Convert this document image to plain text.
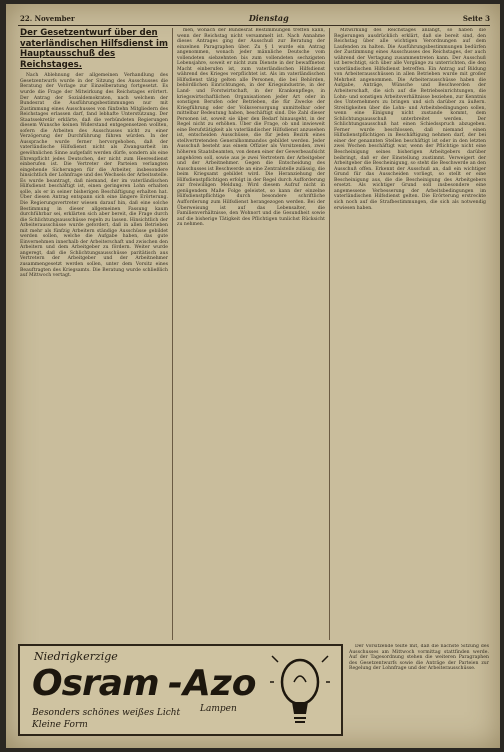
22. November	Dienstag	Seite 3
Der Gesetzentwurf über den vaterländischen Hilfsdienst im Hauptausschuß des Reichstages.

Nach Ablehnung der allgemeinen Verhandlung des Gesetzentwurfs wurde in der Sitzung des Ausschusses die Beratung der Vorlage zur Einzelberatung fortgesetzt. Es wurde die Frage der Mitwirkung des Reichstages erörtert. Der Antrag der Sozialdemokraten, nach welchem der Bundesrat die Ausführungsbestimmungen nur mit Zustimmung eines Ausschusses von fünfzehn Mitgliedern des Reichstages erlassen darf, fand lebhafte Unterstützung. Der Staatssekretär erklärte, daß die verbündeten Regierungen diesem Wunsche keinen Widerstand entgegensetzen wollten, sofern die Arbeiten des Ausschusses nicht zu einer Verzögerung der Durchführung führen würden. In der Aussprache wurde ferner hervorgehoben, daß der vaterländische Hilfsdienst nicht als Zwangsarbeit im gewöhnlichen Sinne aufgefaßt werden dürfe, sondern als eine Ehrenpflicht jedes Deutschen, der nicht zum Heeresdienst einberufen ist. Die Vertreter der Parteien verlangten eingehende Sicherungen für die Arbeiter, insbesondere hinsichtlich der Lohnfrage und des Wechsels der Arbeitsstelle. Es wurde beantragt, daß niemand, der im vaterländischen Hilfsdienst beschäftigt ist, einen geringeren Lohn erhalten solle, als er in seiner bisherigen Beschäftigung erhalten hat. Über diesen Antrag entspann sich eine längere Erörterung. Die Regierungsvertreter wiesen darauf hin, daß eine solche Bestimmung in dieser allgemeinen Fassung kaum durchführbar sei, erklärten sich aber bereit, die Frage durch die Schlichtungsausschüsse regeln zu lassen. Hinsichtlich der Arbeiterausschüsse wurde gefordert, daß in allen Betrieben mit mehr als fünfzig Arbeitern ständige Ausschüsse gebildet werden sollen, welche die Aufgabe haben, das gute Einvernehmen innerhalb der Arbeiterschaft und zwischen den Arbeitern und dem Arbeitgeber zu fördern. Weiter wurde angeregt, daß die Schlichtungsausschüsse paritätisch aus Vertretern der Arbeitgeber und der Arbeitnehmer zusammengesetzt werden sollen, unter dem Vorsitz eines Beauftragten des Kriegsamts. Die Beratung wurde schließlich auf Mittwoch vertagt.

men, wonach der Bundesrat Bestimmungen treffen kann, wenn der Reichstag nicht versammelt ist. Nach Annahme dieses Antrages ging der Ausschuß zur Beratung der einzelnen Paragraphen über. Zu § 1 wurde ein Antrag angenommen, wonach jeder männliche Deutsche vom vollendeten siebzehnten bis zum vollendeten sechzigsten Lebensjahre, soweit er nicht zum Dienste in der bewaffneten Macht einberufen ist, zum vaterländischen Hilfsdienst während des Krieges verpflichtet ist. Als im vaterländischen Hilfsdienst tätig gelten alle Personen, die bei Behörden, behördlichen Einrichtungen, in der Kriegsindustrie, in der Land- und Forstwirtschaft, in der Krankenpflege, in kriegswirtschaftlichen Organisationen jeder Art oder in sonstigen Berufen oder Betrieben, die für Zwecke der Kriegführung oder der Volksversorgung unmittelbar oder mittelbar Bedeutung haben, beschäftigt sind. Die Zahl dieser Personen ist, soweit sie über den Bedarf hinausgeht, in der Regel nicht zu erhöhen. Über die Frage, ob und inwieweit eine Berufstätigkeit als vaterländischer Hilfsdienst anzusehen ist, entscheiden Ausschüsse, die für jeden Bezirk eines stellvertretenden Generalkommandos gebildet werden. Jeder Ausschuß besteht aus einem Offizier als Vorsitzenden, zwei höheren Staatsbeamten, von denen einer der Gewerbeaufsicht angehören soll, sowie aus je zwei Vertretern der Arbeitgeber und der Arbeitnehmer. Gegen die Entscheidung des Ausschusses ist Beschwerde an eine Zentralstelle zulässig, die beim Kriegsamt gebildet wird. Die Heranziehung der Hilfsdienstpflichtigen erfolgt in der Regel durch Aufforderung zur freiwilligen Meldung. Wird diesem Aufruf nicht in genügendem Maße Folge geleistet, so kann der einzelne Hilfsdienstpflichtige durch besondere schriftliche Aufforderung zum Hilfsdienst herangezogen werden. Bei der Überweisung ist auf das Lebensalter, die Familienverhältnisse, den Wohnort und die Gesundheit sowie auf die bisherige Tätigkeit des Pflichtigen tunlichst Rücksicht zu nehmen.

Mitwirkung des Reichstages anlangt, so haben die Regierungen ausdrücklich erklärt, daß sie bereit sind, den Reichstag über alle wichtigen Verordnungen auf dem Laufenden zu halten. Die Ausführungsbestimmungen bedürfen der Zustimmung eines Ausschusses des Reichstages, der auch während der Vertagung zusammentreten kann. Der Ausschuß ist berechtigt, sich über alle Vorgänge zu unterrichten, die den vaterländischen Hilfsdienst betreffen. Ein Antrag auf Bildung von Arbeiterausschüssen in allen Betrieben wurde mit großer Mehrheit angenommen. Die Arbeiterausschüsse haben die Aufgabe, Anträge, Wünsche und Beschwerden der Arbeiterschaft, die sich auf die Betriebseinrichtungen, die Lohn- und sonstigen Arbeitsverhältnisse beziehen, zur Kenntnis des Unternehmers zu bringen und sich darüber zu äußern. Streitigkeiten über die Lohn- und Arbeitsbedingungen sollen, wenn eine Einigung nicht zustande kommt, dem Schlichtungsausschuß unterbreitet werden. Der Schlichtungsausschuß hat einen Schiedsspruch abzugeben. Ferner wurde beschlossen, daß niemand einen Hilfsdienstpflichtigen in Beschäftigung nehmen darf, der bei einer der genannten Stellen beschäftigt ist oder in den letzten zwei Wochen beschäftigt war, wenn der Pflichtige nicht eine Bescheinigung seines bisherigen Arbeitgebers darüber beibringt, daß er der Einstellung zustimmt. Verweigert der Arbeitgeber die Bescheinigung, so steht die Beschwerde an den Ausschuß offen. Erkennt der Ausschuß an, daß ein wichtiger Grund für das Ausscheiden vorliegt, so stellt er eine Bescheinigung aus, die die Bescheinigung des Arbeitgebers ersetzt. Als wichtiger Grund soll insbesondere eine angemessene Verbesserung der Arbeitsbedingungen im vaterländischen Hilfsdienst gelten. Die Erörterung erstreckte sich noch auf die Strafbestimmungen, die sich als notwendig erwiesen haben.

Niedrigkerzige
Osram -Azo
Lampen
Besonders schönes weißes Licht
Kleine Form

Der Vorsitzende teilte mit, daß die nächste Sitzung des Ausschusses am Mittwoch vormittag stattfinden werde. Auf der Tagesordnung stehen die weiteren Paragraphen des Gesetzentwurfs sowie die Anträge der Parteien zur Regelung der Lohnfrage und der Arbeiterausschüsse.
